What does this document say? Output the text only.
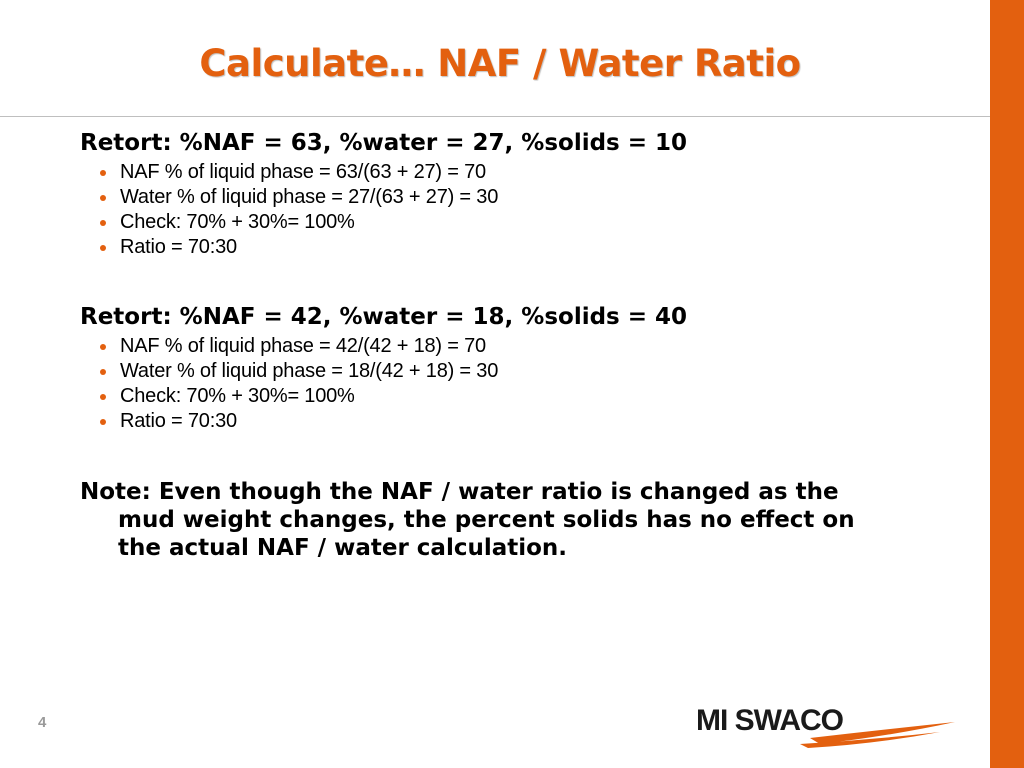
Calculate… NAF / Water Ratio
Retort: %NAF = 63, %water = 27, %solids = 10
NAF % of liquid phase = 63/(63 + 27) = 70
Water % of liquid phase = 27/(63 + 27) = 30
Check: 70% + 30%= 100%
Ratio = 70:30
Retort: %NAF = 42, %water = 18, %solids = 40
NAF % of liquid phase = 42/(42 + 18) = 70
Water % of liquid phase = 18/(42 + 18) = 30
Check: 70% + 30%= 100%
Ratio = 70:30
Note: Even though the NAF / water ratio is changed as the
mud weight changes, the percent solids has no effect on
the actual NAF / water calculation.
4	MI SWACO
